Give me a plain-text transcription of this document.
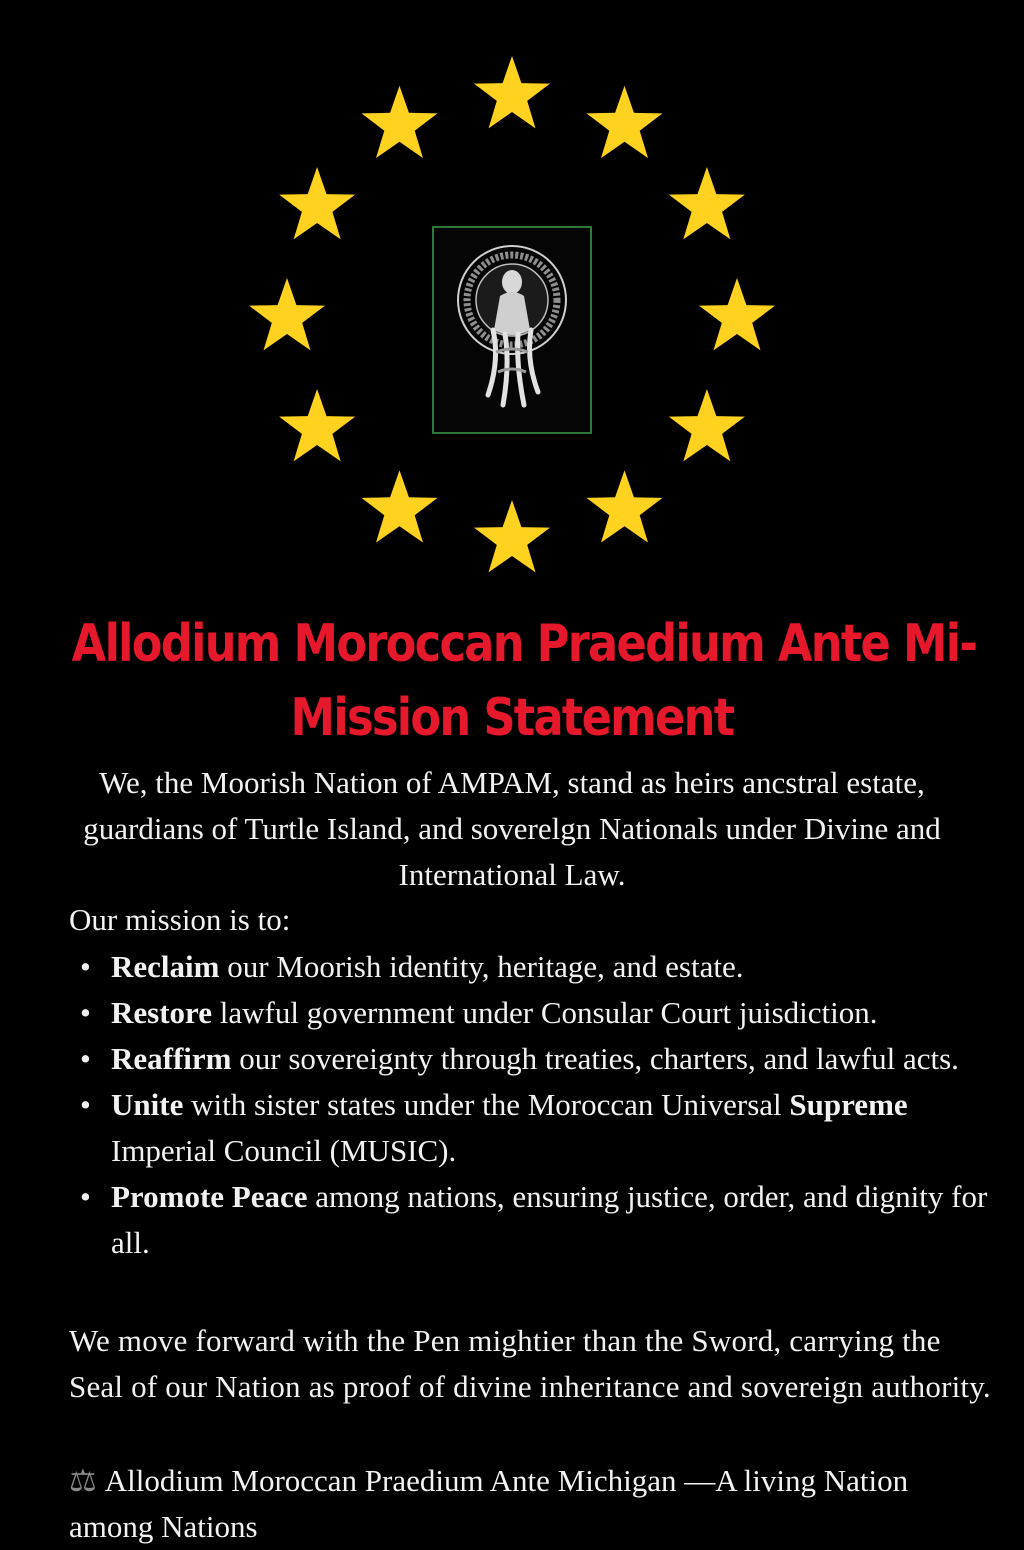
Allodium Moroccan Praedium Ante Mi-
Mission Statement

We, the Moorish Nation of AMPAM, stand as heirs ancstral estate, guardians of Turtle Island, and soverelgn Nationals under Divine and International Law.

Our mission is to:

• Reclaim our Moorish identity, heritage, and estate.
• Restore lawful government under Consular Court juisdiction.
• Reaffirm our sovereignty through treaties, charters, and lawful acts.
• Unite with sister states under the Moroccan Universal Supreme Imperial Council (MUSIC).
• Promote Peace among nations, ensuring justice, order, and dignity for all.

We move forward with the Pen mightier than the Sword, carrying the Seal of our Nation as proof of divine inheritance and sovereign authority.

⚖ Allodium Moroccan Praedium Ante Michigan —A living Nation among Nations
